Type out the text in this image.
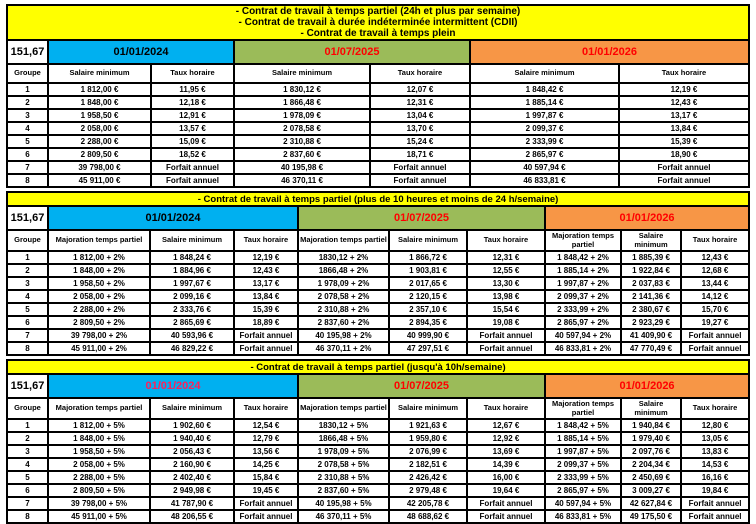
- Contrat de travail à temps partiel (24h et plus par semaine)
- Contrat de travail à durée indéterminée intermittent (CDII)
- Contrat de travail à temps plein						

151,67	01/01/2024		01/07/2025		01/01/2026	
Groupe	Salaire minimum	Taux horaire	Salaire minimum	Taux horaire	Salaire minimum	Taux horaire
1	1 812,00 €	11,95 €	1 830,12 €	12,07 €	1 848,42 €	12,19 €
2	1 848,00 €	12,18 €	1 866,48 €	12,31 €	1 885,14 €	12,43 €
3	1 958,50 €	12,91 €	1 978,09 €	13,04 €	1 997,87 €	13,17 €
4	2 058,00 €	13,57 €	2 078,58 €	13,70 €	2 099,37 €	13,84 €
5	2 288,00 €	15,09 €	2 310,88 €	15,24 €	2 333,99 €	15,39 €
6	2 809,50 €	18,52 €	2 837,60 €	18,71 €	2 865,97 €	18,90 €
7	39 798,00 €	Forfait annuel	40 195,98 €	Forfait annuel	40 597,94 €	Forfait annuel
8	45 911,00 €	Forfait annuel	46 370,11 €	Forfait annuel	46 833,81 €	Forfait annuel
- Contrat de travail à temps partiel (plus de 10 heures et moins de 24 h/semaine)									

151,67	01/01/2024			01/07/2025			01/01/2026		
Groupe	Majoration temps partiel	Salaire minimum	Taux horaire	Majoration temps partiel	Salaire minimum	Taux horaire	Majoration temps partiel	Salaire minimum	Taux horaire
1	1 812,00 + 2%	1 848,24 €	12,19 €	1830,12 + 2%	1 866,72 €	12,31 €	1 848,42 + 2%	1 885,39 €	12,43 €
2	1 848,00 + 2%	1 884,96 €	12,43 €	1866,48 + 2%	1 903,81 €	12,55 €	1 885,14 + 2%	1 922,84 €	12,68 €
3	1 958,50 + 2%	1 997,67 €	13,17 €	1 978,09 + 2%	2 017,65 €	13,30 €	1 997,87 + 2%	2 037,83 €	13,44 €
4	2 058,00 + 2%	2 099,16 €	13,84 €	2 078,58 + 2%	2 120,15 €	13,98 €	2 099,37 + 2%	2 141,36 €	14,12 €
5	2 288,00 + 2%	2 333,76 €	15,39 €	2 310,88 + 2%	2 357,10 €	15,54 €	2 333,99 + 2%	2 380,67 €	15,70 €
6	2 809,50 + 2%	2 865,69 €	18,89 €	2 837,60 + 2%	2 894,35 €	19,08 €	2 865,97 + 2%	2 923,29 €	19,27 €
7	39 798,00 + 2%	40 593,96 €	Forfait annuel	40 195,98 + 2%	40 999,90 €	Forfait annuel	40 597,94 + 2%	41 409,90 €	Forfait annuel
8	45 911,00 + 2%	46 829,22 €	Forfait annuel	46 370,11 + 2%	47 297,51 €	Forfait annuel	46 833,81 + 2%	47 770,49 €	Forfait annuel
- Contrat de travail à temps partiel (jusqu'à 10h/semaine)									

151,67	01/01/2024			01/07/2025			01/01/2026		
Groupe	Majoration temps partiel	Salaire minimum	Taux horaire	Majoration temps partiel	Salaire minimum	Taux horaire	Majoration temps partiel	Salaire minimum	Taux horaire
1	1 812,00 + 5%	1 902,60 €	12,54 €	1830,12 + 5%	1 921,63 €	12,67 €	1 848,42 + 5%	1 940,84 €	12,80 €
2	1 848,00 + 5%	1 940,40 €	12,79 €	1866,48 + 5%	1 959,80 €	12,92 €	1 885,14 + 5%	1 979,40 €	13,05 €
3	1 958,50 + 5%	2 056,43 €	13,56 €	1 978,09 + 5%	2 076,99 €	13,69 €	1 997,87 + 5%	2 097,76 €	13,83 €
4	2 058,00 + 5%	2 160,90 €	14,25 €	2 078,58 + 5%	2 182,51 €	14,39 €	2 099,37 + 5%	2 204,34 €	14,53 €
5	2 288,00 + 5%	2 402,40 €	15,84 €	2 310,88 + 5%	2 426,42 €	16,00 €	2 333,99 + 5%	2 450,69 €	16,16 €
6	2 809,50 + 5%	2 949,98 €	19,45 €	2 837,60 + 5%	2 979,48 €	19,64 €	2 865,97 + 5%	3 009,27 €	19,84 €
7	39 798,00 + 5%	41 787,90 €	Forfait annuel	40 195,98 + 5%	42 205,78 €	Forfait annuel	40 597,94 + 5%	42 627,84 €	Forfait annuel
8	45 911,00 + 5%	48 206,55 €	Forfait annuel	46 370,11 + 5%	48 688,62 €	Forfait annuel	46 833,81 + 5%	49 175,50 €	Forfait annuel
